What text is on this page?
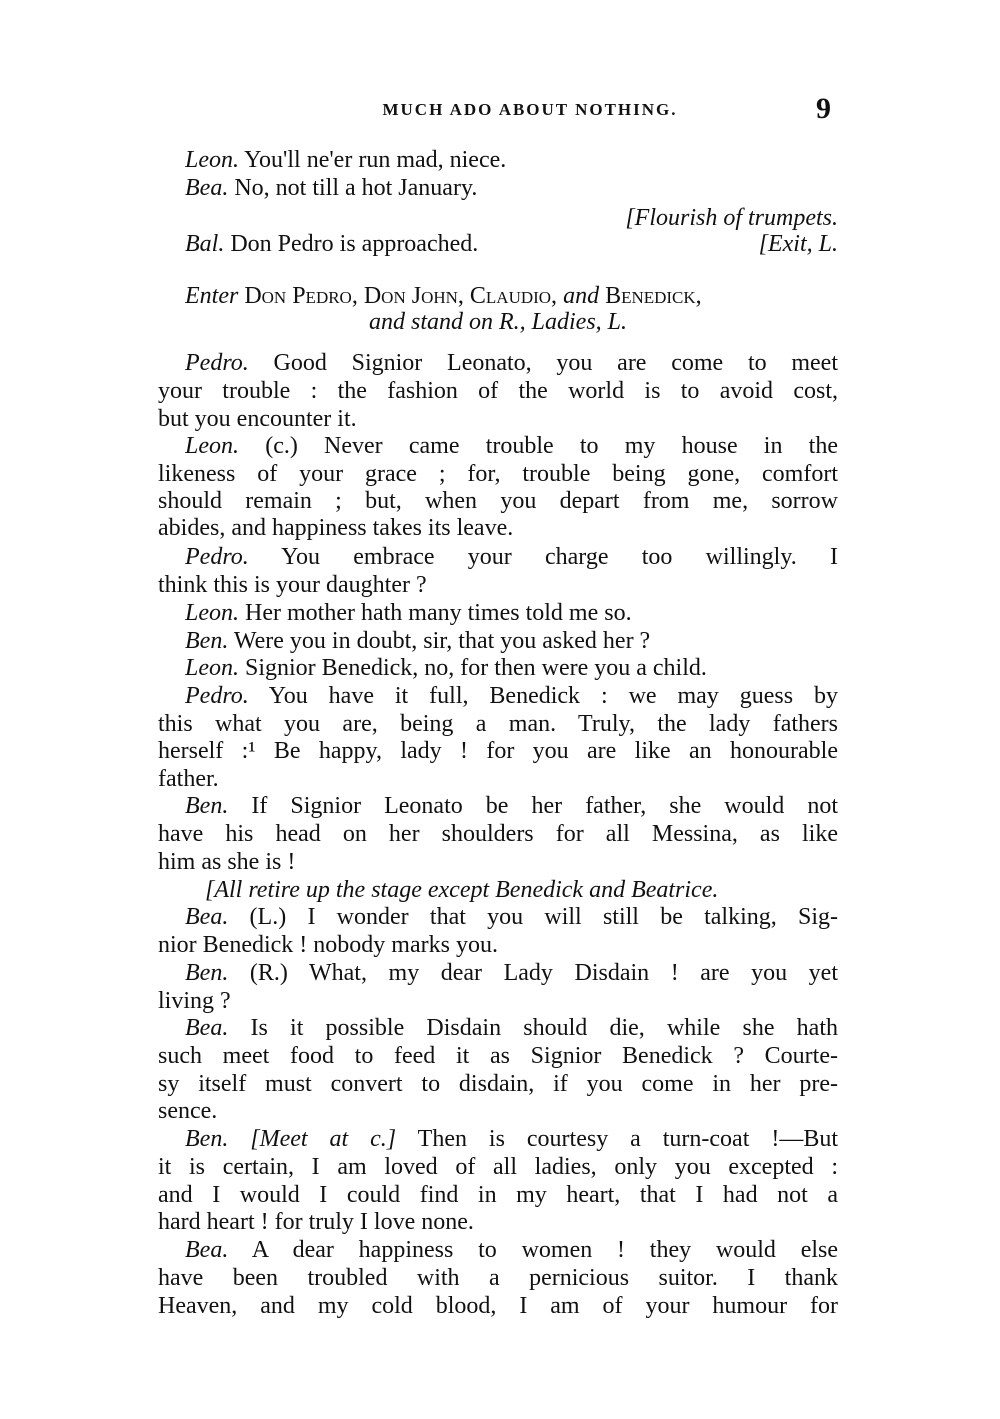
MUCH ADO ABOUT NOTHING.	9
Leon. You'll ne'er run mad, niece.
Bea. No, not till a hot January.
[Flourish of trumpets.
Bal. Don Pedro is approached.	[Exit, L.
Enter Don Pedro, Don John, Claudio, and Benedick,
and stand on R., Ladies, L.
Pedro. Good Signior Leonato, you are come to meet
your trouble : the fashion of the world is to avoid cost,
but you encounter it.
Leon. (c.) Never came trouble to my house in the
likeness of your grace ; for, trouble being gone, comfort
should remain ; but, when you depart from me, sorrow
abides, and happiness takes its leave.
Pedro. You embrace your charge too willingly. I
think this is your daughter ?
Leon. Her mother hath many times told me so.
Ben. Were you in doubt, sir, that you asked her ?
Leon. Signior Benedick, no, for then were you a child.
Pedro. You have it full, Benedick : we may guess by
this what you are, being a man. Truly, the lady fathers
herself :¹ Be happy, lady ! for you are like an honourable
father.
Ben. If Signior Leonato be her father, she would not
have his head on her shoulders for all Messina, as like
him as she is !
[All retire up the stage except Benedick and Beatrice.
Bea. (L.) I wonder that you will still be talking, Sig-
nior Benedick ! nobody marks you.
Ben. (R.) What, my dear Lady Disdain ! are you yet
living ?
Bea. Is it possible Disdain should die, while she hath
such meet food to feed it as Signior Benedick ? Courte-
sy itself must convert to disdain, if you come in her pre-
sence.
Ben. [Meet at c.] Then is courtesy a turn-coat !—But
it is certain, I am loved of all ladies, only you excepted :
and I would I could find in my heart, that I had not a
hard heart ! for truly I love none.
Bea. A dear happiness to women ! they would else
have been troubled with a pernicious suitor. I thank
Heaven, and my cold blood, I am of your humour for
